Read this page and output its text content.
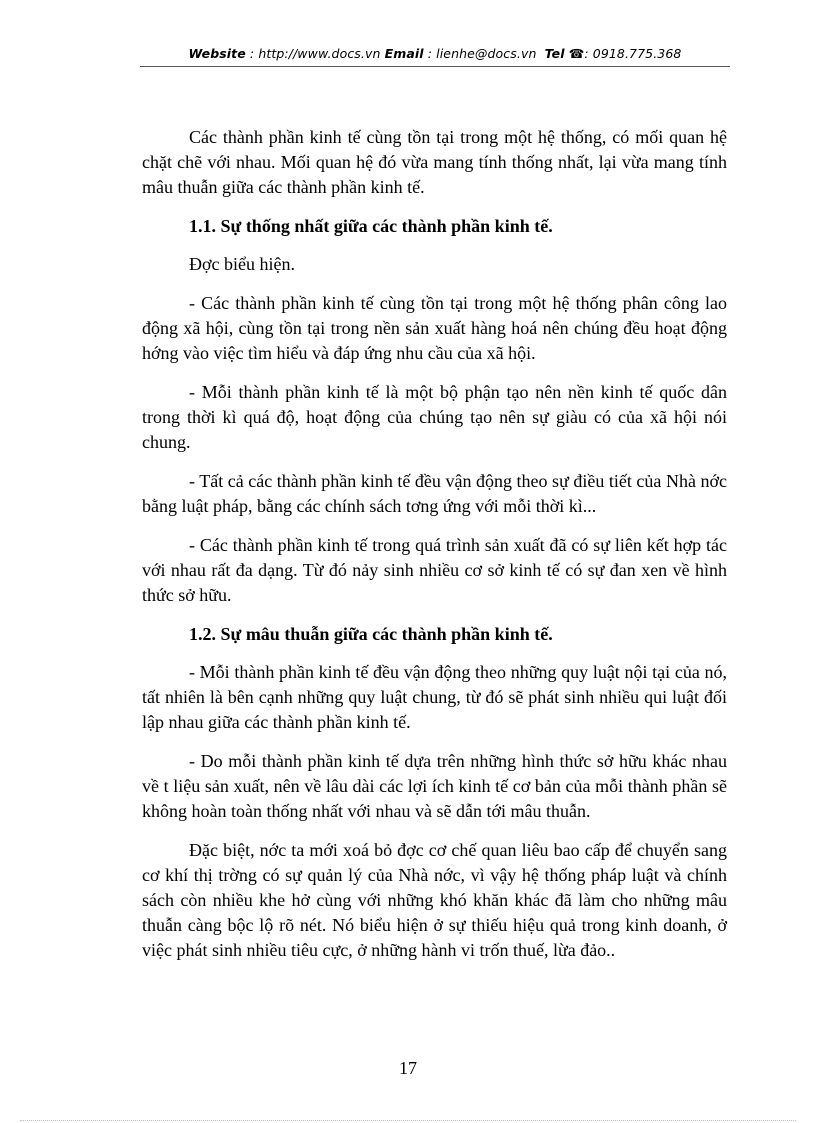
Website : http://www.docs.vn Email : lienhe@docs.vn Tel ☎: 0918.775.368

Các thành phần kinh tế cùng tồn tại trong một hệ thống, có mối quan hệ chặt chẽ với nhau. Mối quan hệ đó vừa mang tính thống nhất, lại vừa mang tính mâu thuẫn giữa các thành phần kinh tế.

1.1. Sự thống nhất giữa các thành phần kinh tế.

Đợc biểu hiện.

- Các thành phần kinh tế cùng tồn tại trong một hệ thống phân công lao động xã hội, cùng tồn tại trong nền sản xuất hàng hoá nên chúng đều hoạt động hớng vào việc tìm hiểu và đáp ứng nhu cầu của xã hội.

- Mỗi thành phần kinh tế là một bộ phận tạo nên nền kinh tế quốc dân trong thời kì quá độ, hoạt động của chúng tạo nên sự giàu có của xã hội nói chung.

- Tất cả các thành phần kinh tế đều vận động theo sự điều tiết của Nhà nớc bằng luật pháp, bằng các chính sách tơng ứng với mỗi thời kì...

- Các thành phần kinh tế trong quá trình sản xuất đã có sự liên kết hợp tác với nhau rất đa dạng. Từ đó nảy sinh nhiều cơ sở kinh tế có sự đan xen về hình thức sở hữu.

1.2. Sự mâu thuẫn giữa các thành phần kinh tế.

- Mỗi thành phần kinh tế đều vận động theo những quy luật nội tại của nó, tất nhiên là bên cạnh những quy luật chung, từ đó sẽ phát sinh nhiều qui luật đối lập nhau giữa các thành phần kinh tế.

- Do mỗi thành phần kinh tế dựa trên những hình thức sở hữu khác nhau về t liệu sản xuất, nên về lâu dài các lợi ích kinh tế cơ bản của mỗi thành phần sẽ không hoàn toàn thống nhất với nhau và sẽ dẫn tới mâu thuẫn.

Đặc biệt, nớc ta mới xoá bỏ đợc cơ chế quan liêu bao cấp để chuyển sang cơ khí thị trờng có sự quản lý của Nhà nớc, vì vậy hệ thống pháp luật và chính sách còn nhiều khe hở cùng với những khó khăn khác đã làm cho những mâu thuẫn càng bộc lộ rõ nét. Nó biểu hiện ở sự thiếu hiệu quả trong kinh doanh, ở việc phát sinh nhiều tiêu cực, ở những hành vi trốn thuế, lừa đảo..

17
